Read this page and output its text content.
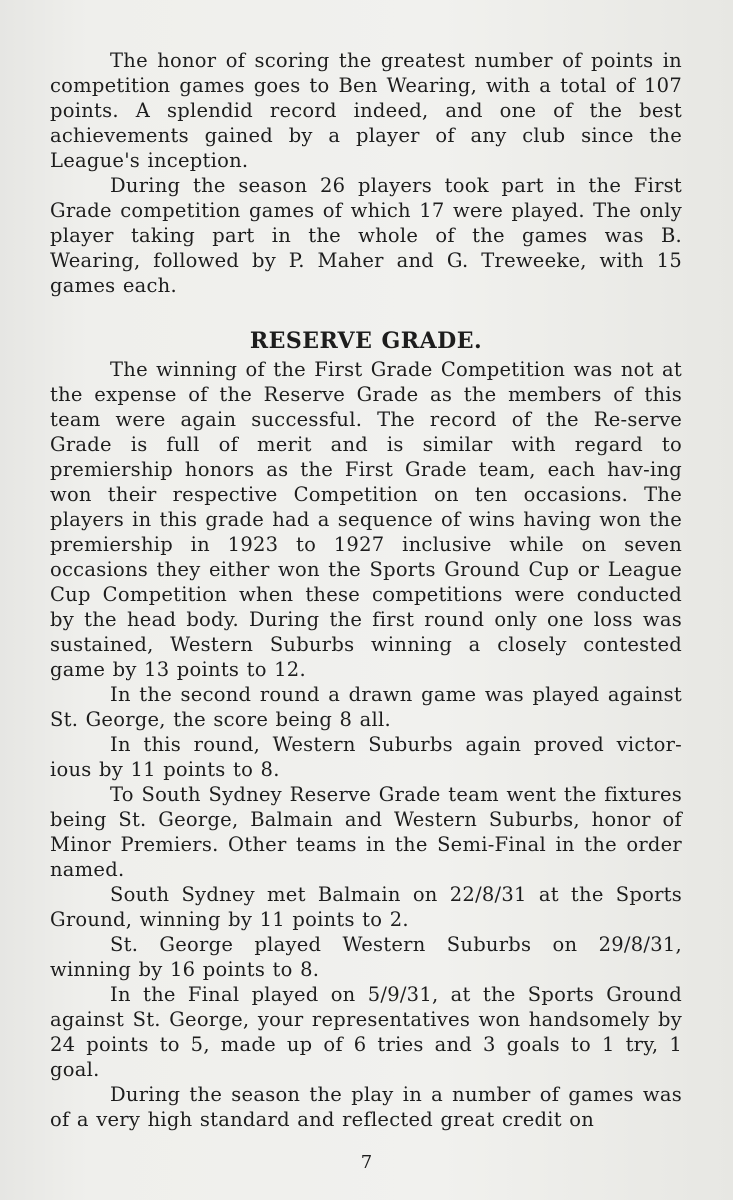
The honor of scoring the greatest number of points in competition games goes to Ben Wearing, with a total of 107 points. A splendid record indeed, and one of the best achievements gained by a player of any club since the League's inception.

During the season 26 players took part in the First Grade competition games of which 17 were played. The only player taking part in the whole of the games was B. Wearing, followed by P. Maher and G. Treweeke, with 15 games each.

RESERVE GRADE.

The winning of the First Grade Competition was not at the expense of the Reserve Grade as the members of this team were again successful. The record of the Re-serve Grade is full of merit and is similar with regard to premiership honors as the First Grade team, each hav-ing won their respective Competition on ten occasions. The players in this grade had a sequence of wins having won the premiership in 1923 to 1927 inclusive while on seven occasions they either won the Sports Ground Cup or League Cup Competition when these competitions were conducted by the head body. During the first round only one loss was sustained, Western Suburbs winning a closely contested game by 13 points to 12.

In the second round a drawn game was played against St. George, the score being 8 all.

In this round, Western Suburbs again proved victor-ious by 11 points to 8.

To South Sydney Reserve Grade team went the fixtures being St. George, Balmain and Western Suburbs, honor of Minor Premiers. Other teams in the Semi-Final in the order named.

South Sydney met Balmain on 22/8/31 at the Sports Ground, winning by 11 points to 2.

St. George played Western Suburbs on 29/8/31, winning by 16 points to 8.

In the Final played on 5/9/31, at the Sports Ground against St. George, your representatives won handsomely by 24 points to 5, made up of 6 tries and 3 goals to 1 try, 1 goal.

During the season the play in a number of games was of a very high standard and reflected great credit on

7
